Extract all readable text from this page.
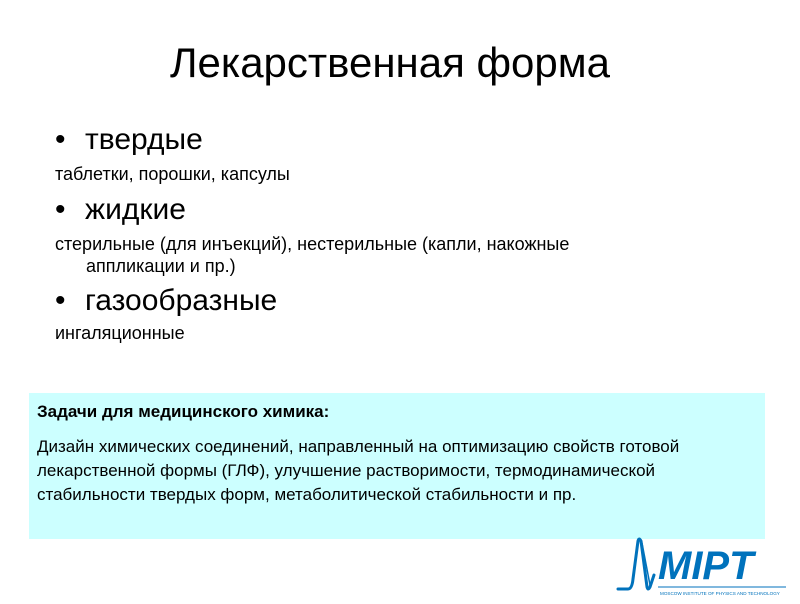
Лекарственная форма
• твердые
таблетки, порошки, капсулы
• жидкие
стерильные (для инъекций), нестерильные (капли, накожные
аппликации и пр.)
• газообразные
ингаляционные

Задачи для медицинского химика:

Дизайн химических соединений, направленный на оптимизацию свойств готовой лекарственной формы (ГЛФ), улучшение растворимости, термодинамической стабильности твердых форм, метаболитической стабильности и пр.
MIPT
MOSCOW INSTITUTE OF PHYSICS AND TECHNOLOGY
